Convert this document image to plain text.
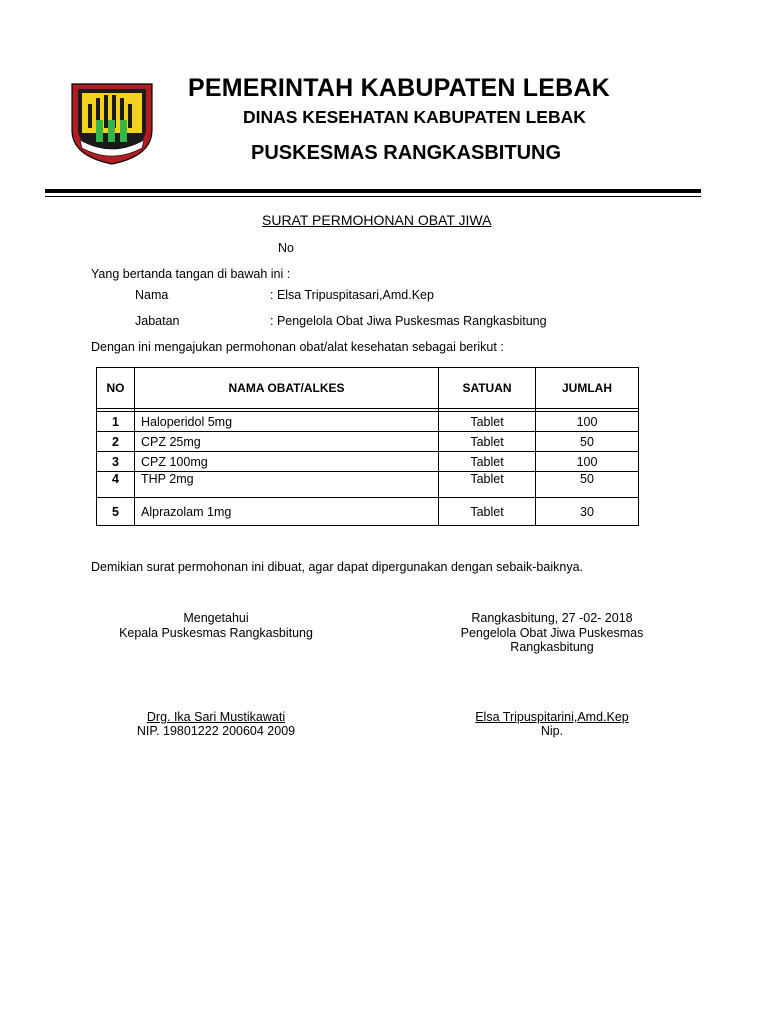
PEMERINTAH KABUPATEN LEBAK
DINAS KESEHATAN KABUPATEN LEBAK
PUSKESMAS RANGKASBITUNG
SURAT PERMOHONAN OBAT JIWA
No
Yang bertanda tangan di bawah ini :
Nama	: Elsa Tripuspitasari,Amd.Kep
Jabatan	: Pengelola Obat Jiwa Puskesmas Rangkasbitung
Dengan ini mengajukan permohonan obat/alat kesehatan sebagai berikut :
NO	NAMA OBAT/ALKES	SATUAN	JUMLAH

1	Haloperidol 5mg	Tablet	100
2	CPZ 25mg	Tablet	50
3	CPZ 100mg	Tablet	100
4	THP 2mg	Tablet	50
5	Alprazolam 1mg	Tablet	30
Demikian surat permohonan ini dibuat, agar dapat dipergunakan dengan sebaik-baiknya.
Mengetahui
Kepala Puskesmas Rangkasbitung
Drg. Ika Sari Mustikawati
NIP. 19801222 200604 2009
Rangkasbitung, 27 -02- 2018
Pengelola Obat Jiwa Puskesmas
Rangkasbitung
Elsa Tripuspitarini,Amd.Kep
Nip.
